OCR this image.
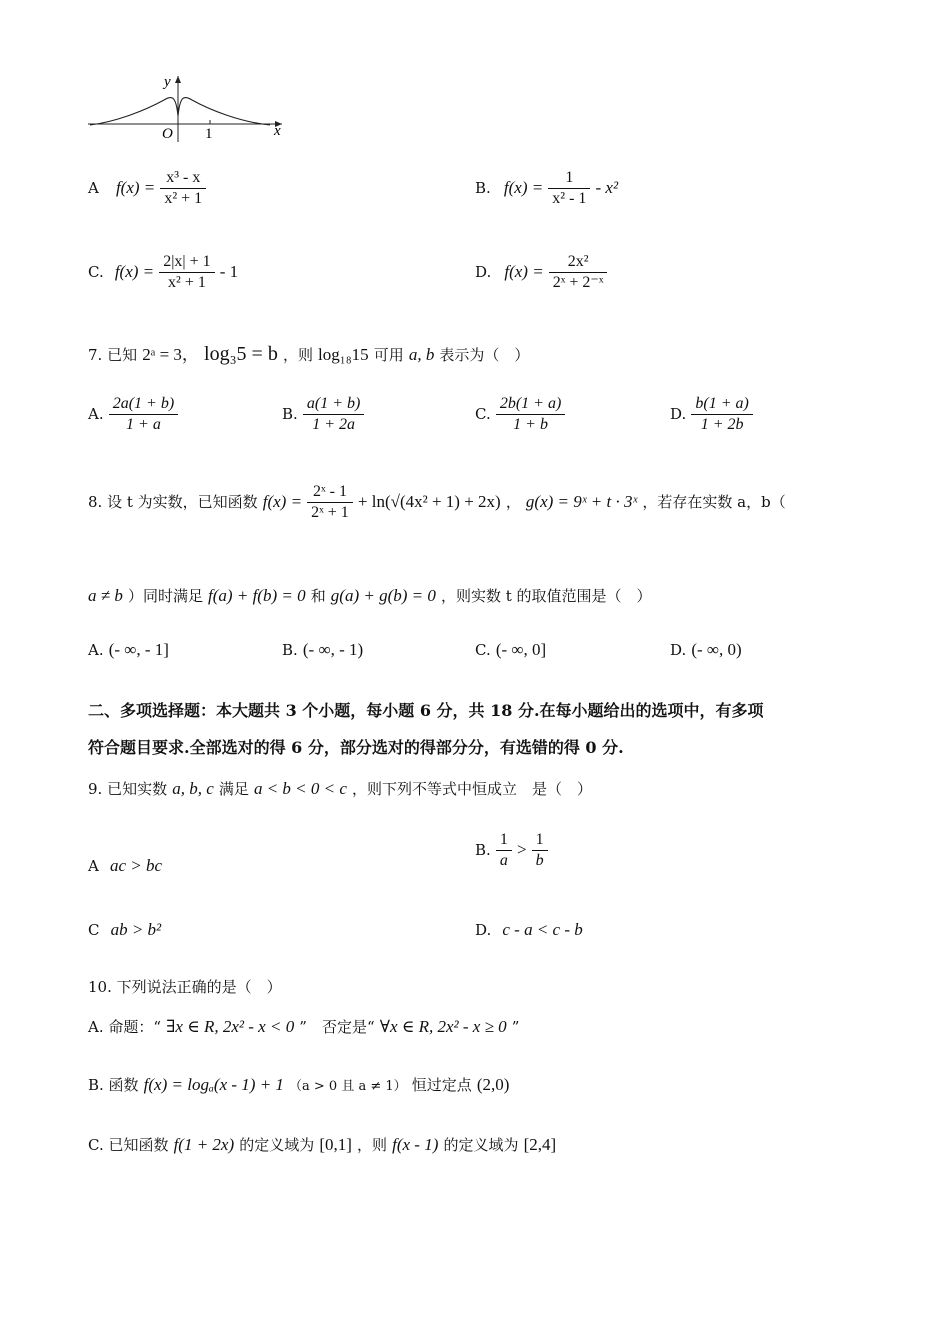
y
x
O 1
A $f(x) = \frac{\text{x³ - x}}{\text{x² + 1}}$	B. $f(x) = \frac{1}{\text{x² - 1}} - x^2$
C. $f(x) = \frac{2|x| + 1}{\text{x² + 1}} - 1$	D. $f(x) = \frac{\text{2x²}}{\text{2ˣ + 2⁻ˣ}}$
7. 已知 2ᵃ = 3， log₃5 = b ，则 log₁₈15 可用 a, b 表示为（　）
A. $\frac{2a(1 + b)}{1 + a}$	B. $\frac{a(1 + b)}{1 + 2a}$	C. $\frac{2b(1 + a)}{1 + b}$	D. $\frac{b(1 + a)}{1 + 2b}$
8. 设 t 为实数，已知函数 $f(x) = \frac{\text{2ˣ - 1}}{\text{2ˣ + 1}} + \ln(√(4x^2 + 1) + 2x)$ ， g(x) = 9ˣ + t · 3ˣ ，若存在实数 a，b（
a ≠ b ）同时满足 f(a) + f(b) = 0 和 g(a) + g(b) = 0 ，则实数 t 的取值范围是（　）
A. (- ∞, - 1]	B. (- ∞, - 1)	C. (- ∞, 0]	D. (- ∞, 0)
二、多项选择题：本大题共 3 个小题，每小题 6 分，共 18 分.在每小题给出的选项中，有多项
符合题目要求.全部选对的得 6 分，部分选对的得部分分，有选错的得 0 分.
9. 已知实数 a, b, c 满足 a < b < 0 < c ，则下列不等式中恒成立　是（　）
A ac > bc
B. $\frac{1}{a} > \frac{1}{b}$
C ab > b²	D. c - a < c - b
10. 下列说法正确的是（　）
A. 命题：“ ∃x ∈ R, 2x² - x < 0 ”　否定是“ ∀x ∈ R, 2x² - x ≥ 0 ”
B. 函数 f(x) = logₐ(x - 1) + 1 （a > 0 且 a ≠ 1） 恒过定点 (2,0)
C. 已知函数 f(1 + 2x) 的定义域为 [0,1] ，则 f(x - 1) 的定义域为 [2,4]
